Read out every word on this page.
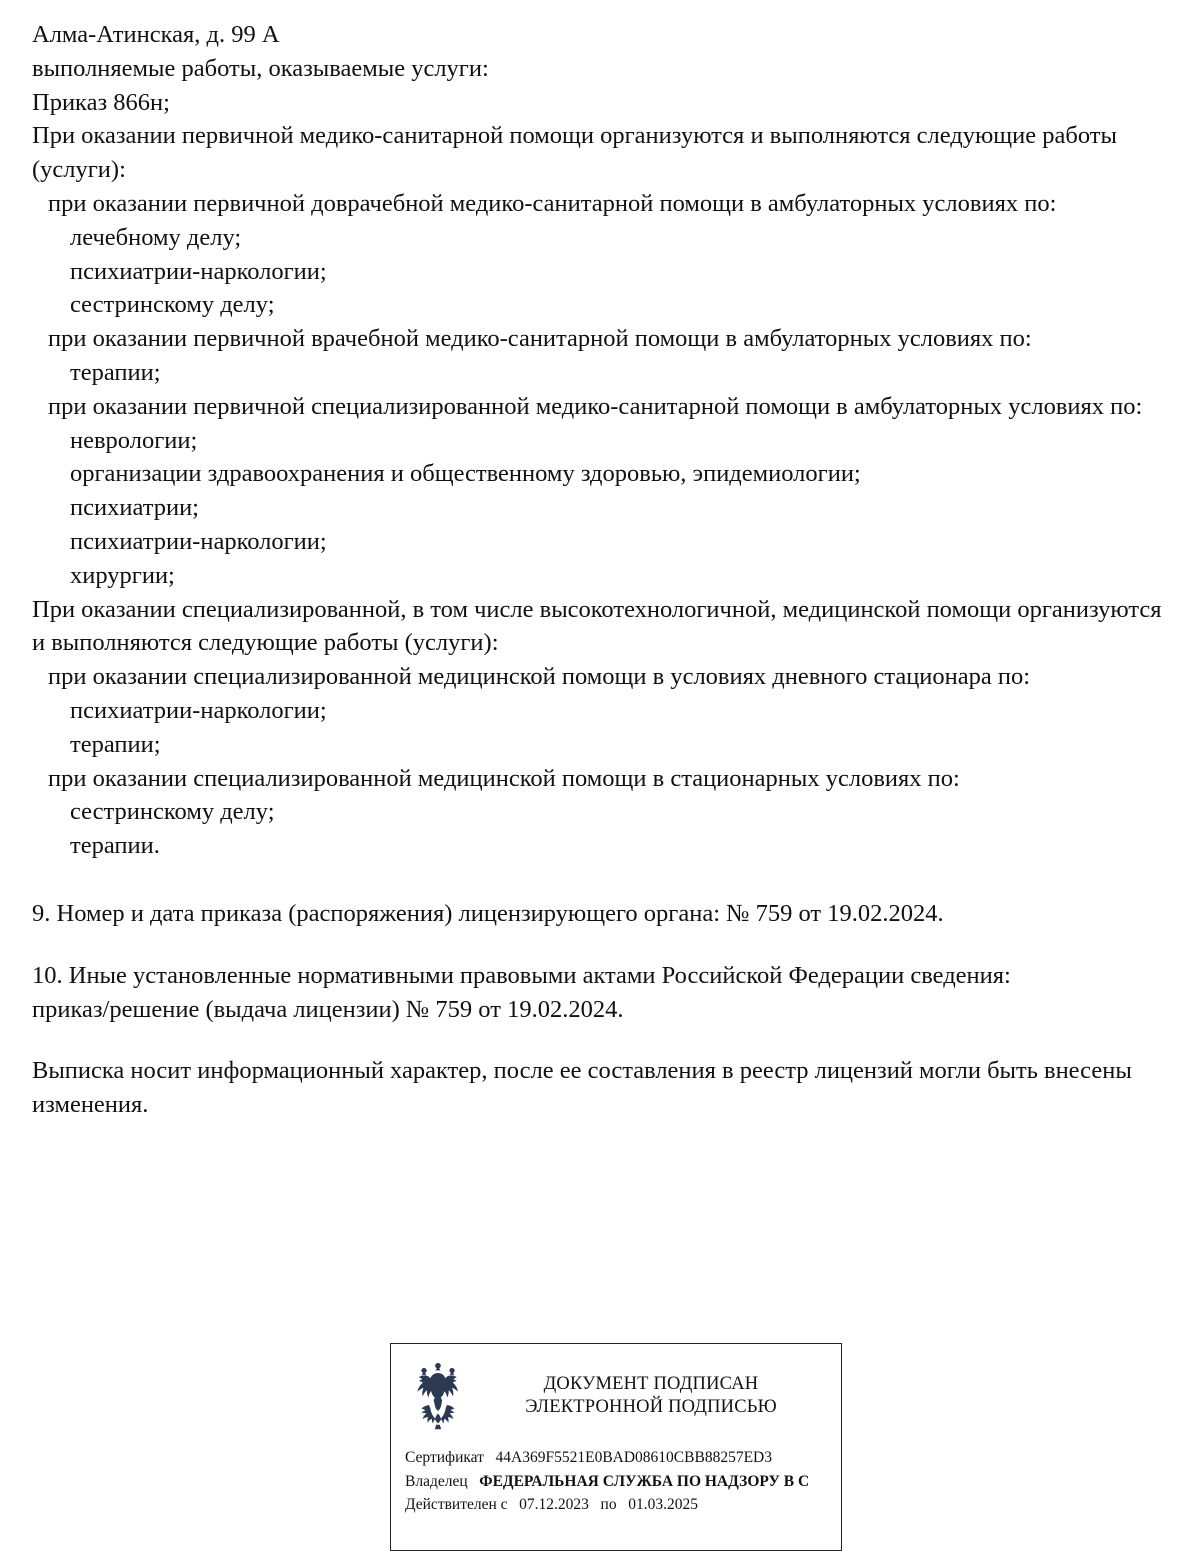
Алма-Атинская, д. 99 А

выполняемые работы, оказываемые услуги:

Приказ 866н;

При оказании первичной медико-санитарной помощи организуются и выполняются следующие работы (услуги):

при оказании первичной доврачебной медико-санитарной помощи в амбулаторных условиях по:

лечебному делу;

психиатрии-наркологии;

сестринскому делу;

при оказании первичной врачебной медико-санитарной помощи в амбулаторных условиях по:

терапии;

при оказании первичной специализированной медико-санитарной помощи в амбулаторных условиях по:

неврологии;

организации здравоохранения и общественному здоровью, эпидемиологии;

психиатрии;

психиатрии-наркологии;

хирургии;

При оказании специализированной, в том числе высокотехнологичной, медицинской помощи организуются и выполняются следующие работы (услуги):

при оказании специализированной медицинской помощи в условиях дневного стационара по:

психиатрии-наркологии;

терапии;

при оказании специализированной медицинской помощи в стационарных условиях по:

сестринскому делу;

терапии.

9. Номер и дата приказа (распоряжения) лицензирующего органа: № 759 от 19.02.2024.

10. Иные установленные нормативными правовыми актами Российской Федерации сведения:

приказ/решение (выдача лицензии) № 759 от 19.02.2024.

Выписка носит информационный характер, после ее составления в реестр лицензий могли быть внесены изменения.

ДОКУМЕНТ ПОДПИСАН
ЭЛЕКТРОННОЙ ПОДПИСЬЮ
Сертификат 44A369F5521E0BAD08610CBB88257ED3
Владелец ФЕДЕРАЛЬНАЯ СЛУЖБА ПО НАДЗОРУ В С
Действителен с 07.12.2023 по 01.03.2025
